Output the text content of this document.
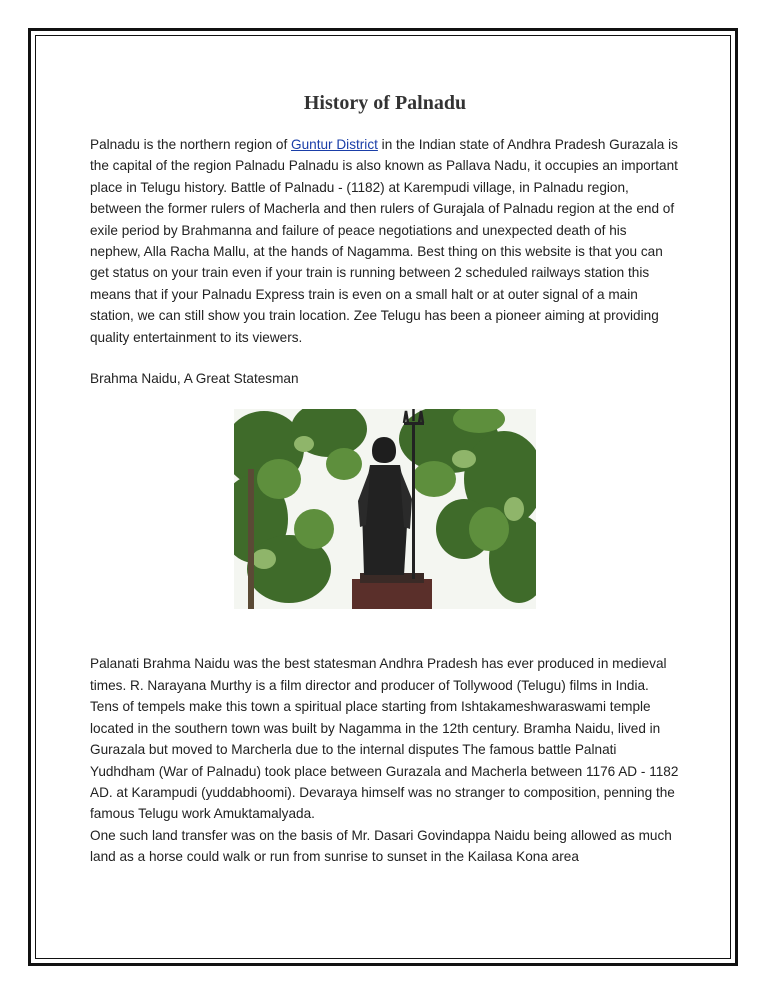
History of Palnadu

Palnadu is the northern region of Guntur District in the Indian state of Andhra Pradesh Gurazala is the capital of the region Palnadu Palnadu is also known as Pallava Nadu, it occupies an important place in Telugu history. Battle of Palnadu - (1182) at Karempudi village, in Palnadu region, between the former rulers of Macherla and then rulers of Gurajala of Palnadu region at the end of exile period by Brahmanna and failure of peace negotiations and unexpected death of his nephew, Alla Racha Mallu, at the hands of Nagamma. Best thing on this website is that you can get status on your train even if your train is running between 2 scheduled railways station this means that if your Palnadu Express train is even on a small halt or at outer signal of a main station, we can still show you train location. Zee Telugu has been a pioneer aiming at providing quality entertainment to its viewers.

Brahma Naidu, A Great Statesman

Palanati Brahma Naidu was the best statesman Andhra Pradesh has ever produced in medieval times. R. Narayana Murthy is a film director and producer of Tollywood (Telugu) films in India. Tens of tempels make this town a spiritual place starting from Ishtakameshwaraswami temple located in the southern town was built by Nagamma in the 12th century. Bramha Naidu, lived in Gurazala but moved to Marcherla due to the internal disputes The famous battle Palnati Yudhdham (War of Palnadu) took place between Gurazala and Macherla between 1176 AD - 1182 AD. at Karampudi (yuddabhoomi). Devaraya himself was no stranger to composition, penning the famous Telugu work Amuktamalyada.

One such land transfer was on the basis of Mr. Dasari Govindappa Naidu being allowed as much land as a horse could walk or run from sunrise to sunset in the Kailasa Kona area
